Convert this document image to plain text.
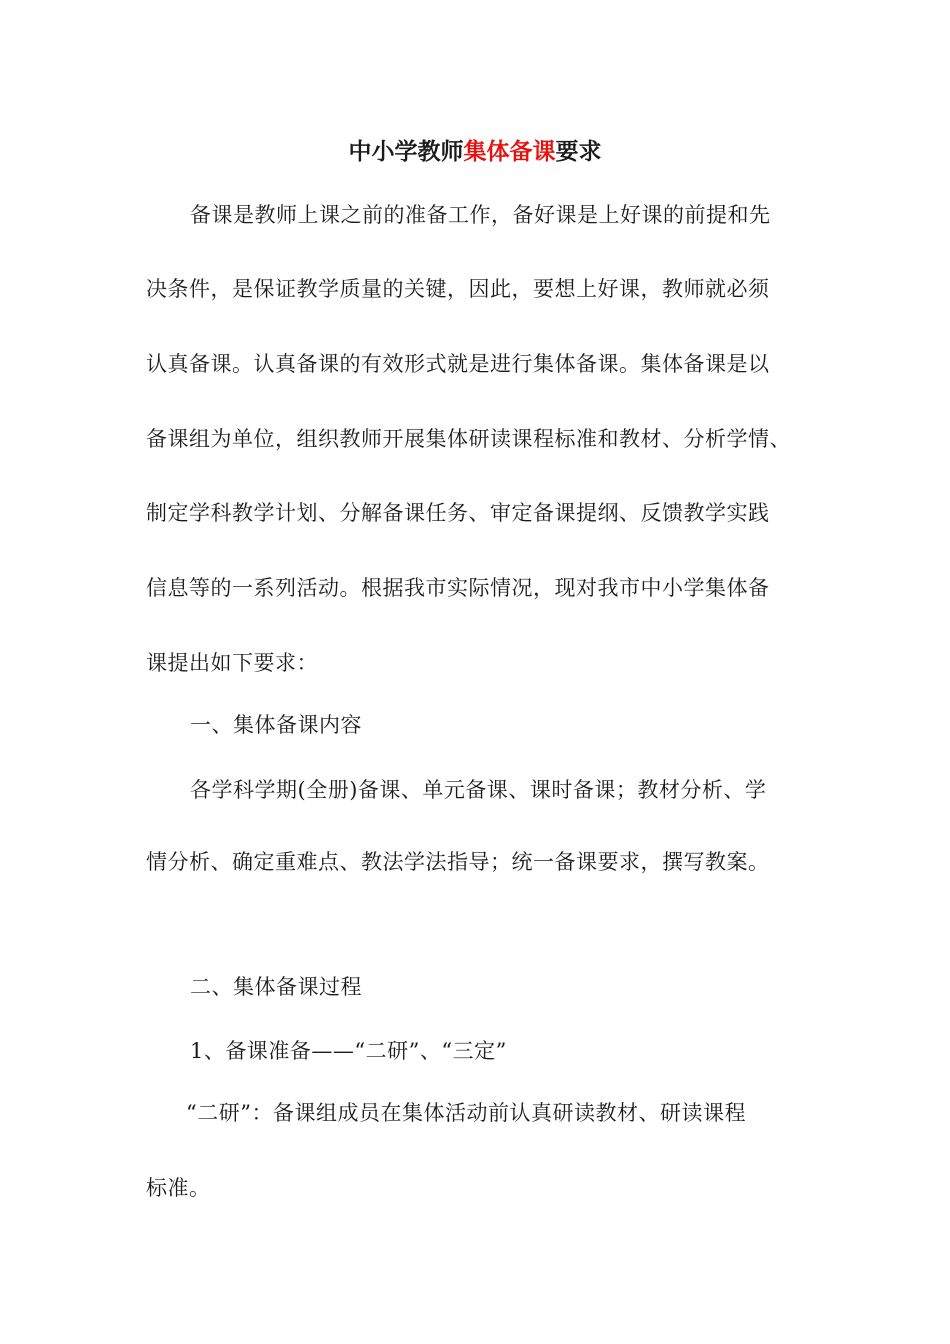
中小学教师集体备课要求
备课是教师上课之前的准备工作，备好课是上好课的前提和先
决条件，是保证教学质量的关键，因此，要想上好课，教师就必须
认真备课。认真备课的有效形式就是进行集体备课。集体备课是以
备课组为单位，组织教师开展集体研读课程标准和教材、分析学情、
制定学科教学计划、分解备课任务、审定备课提纲、反馈教学实践
信息等的一系列活动。根据我市实际情况，现对我市中小学集体备
课提出如下要求：
一、集体备课内容
各学科学期(全册)备课、单元备课、课时备课；教材分析、学
情分析、确定重难点、教法学法指导；统一备课要求，撰写教案。
二、集体备课过程
1、备课准备——“二研”、“三定”
“二研”：备课组成员在集体活动前认真研读教材、研读课程
标准。
